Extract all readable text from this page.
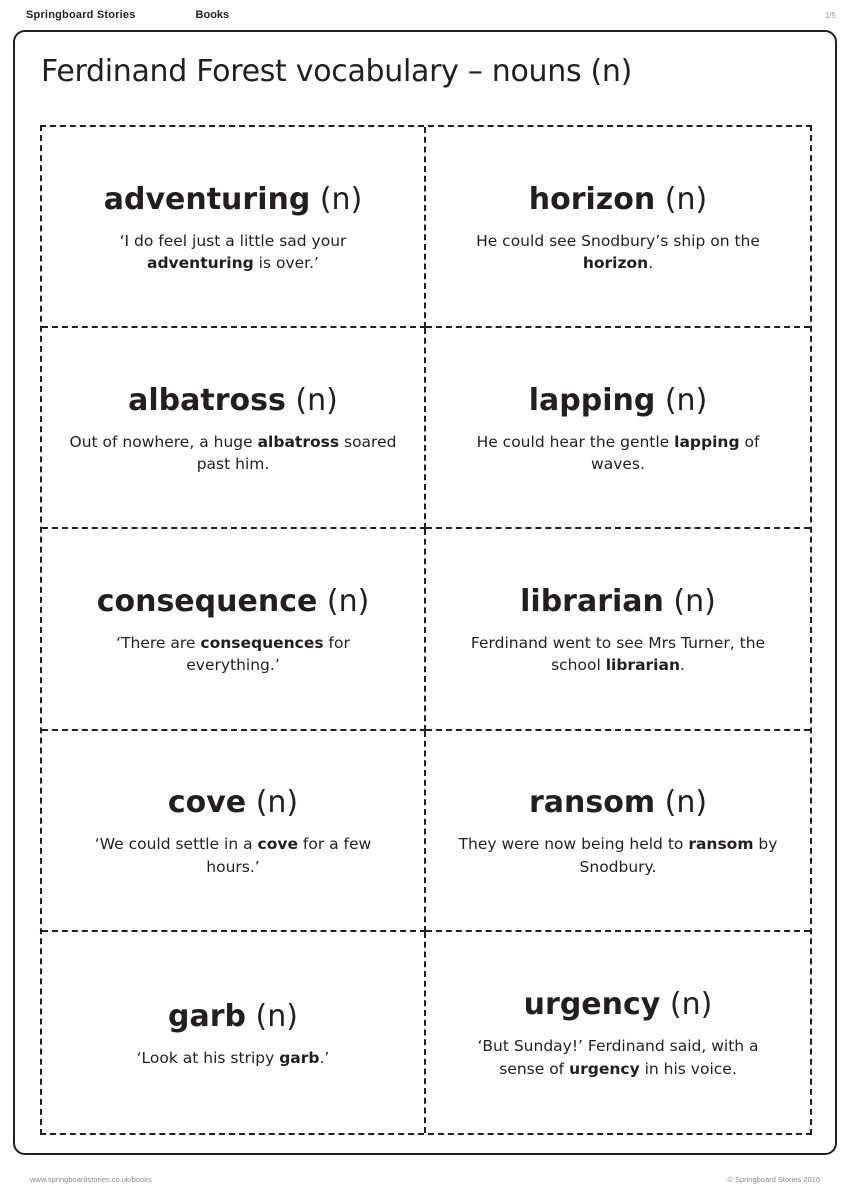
Springboard Stories	Books	1/5
Ferdinand Forest vocabulary – nouns (n)
adventuring (n)
‘I do feel just a little sad your adventuring is over.’
horizon (n)
He could see Snodbury’s ship on the horizon.
albatross (n)
Out of nowhere, a huge albatross soared past him.
lapping (n)
He could hear the gentle lapping of waves.
consequence (n)
‘There are consequences for everything.’
librarian (n)
Ferdinand went to see Mrs Turner, the school librarian.
cove (n)
‘We could settle in a cove for a few hours.’
ransom (n)
They were now being held to ransom by Snodbury.
garb (n)
‘Look at his stripy garb.’
urgency (n)
‘But Sunday!’ Ferdinand said, with a sense of urgency in his voice.
www.springboardstories.co.uk/books	© Springboard Stories 2016
